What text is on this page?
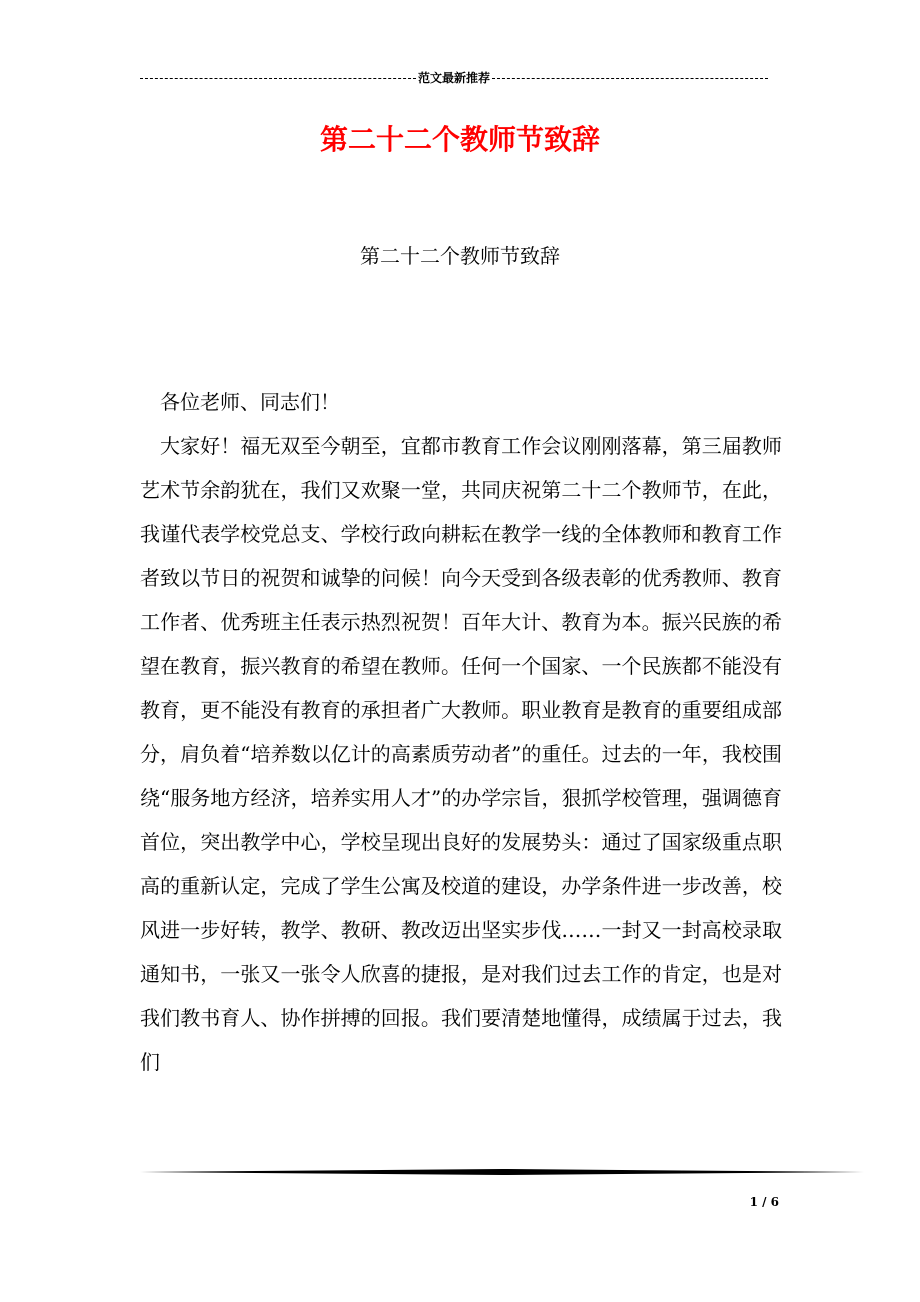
范文最新推荐
第二十二个教师节致辞
第二十二个教师节致辞

各位老师、同志们！

大家好！福无双至今朝至，宜都市教育工作会议刚刚落幕，第三届教师艺术节余韵犹在，我们又欢聚一堂，共同庆祝第二十二个教师节，在此，我谨代表学校党总支、学校行政向耕耘在教学一线的全体教师和教育工作者致以节日的祝贺和诚挚的问候！向今天受到各级表彰的优秀教师、教育工作者、优秀班主任表示热烈祝贺！百年大计、教育为本。振兴民族的希望在教育，振兴教育的希望在教师。任何一个国家、一个民族都不能没有教育，更不能没有教育的承担者广大教师。职业教育是教育的重要组成部分，肩负着“培养数以亿计的高素质劳动者”的重任。过去的一年，我校围绕“服务地方经济，培养实用人才”的办学宗旨，狠抓学校管理，强调德育首位，突出教学中心，学校呈现出良好的发展势头：通过了国家级重点职高的重新认定，完成了学生公寓及校道的建设，办学条件进一步改善，校风进一步好转，教学、教研、教改迈出坚实步伐……一封又一封高校录取通知书，一张又一张令人欣喜的捷报，是对我们过去工作的肯定，也是对我们教书育人、协作拼搏的回报。我们要清楚地懂得，成绩属于过去，我们

1 / 6
